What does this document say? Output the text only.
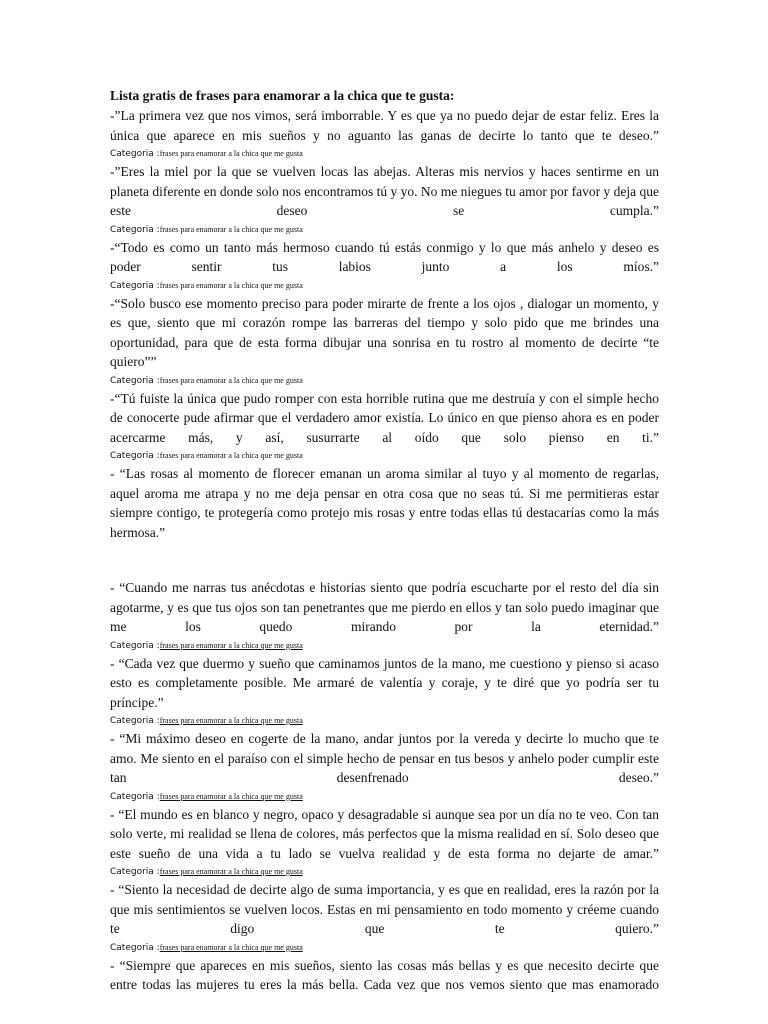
Lista gratis de frases para enamorar a la chica que te gusta:

-”La primera vez que nos vimos, será imborrable. Y es que ya no puedo dejar de estar feliz. Eres la única que aparece en mis sueños y no aguanto las ganas de decirte lo tanto que te deseo.”

Categoria :frases para enamorar a la chica que me gusta

-”Eres la miel por la que se vuelven locas las abejas. Alteras mis nervios y haces sentirme en un planeta diferente en donde solo nos encontramos tú y yo. No me niegues tu amor por favor y deja que este deseo se cumpla.”

Categoria :frases para enamorar a la chica que me gusta

-“Todo es como un tanto más hermoso cuando tú estás conmigo y lo que más anhelo y deseo es poder sentir tus labios junto a los míos.”

Categoria :frases para enamorar a la chica que me gusta

-“Solo busco ese momento preciso para poder mirarte de frente a los ojos , dialogar un momento, y es que, siento que mi corazón rompe las barreras del tiempo y solo pido que me brindes una oportunidad, para que de esta forma dibujar una sonrisa en tu rostro al momento de decirte “te quiero””

Categoria :frases para enamorar a la chica que me gusta

-“Tú fuiste la única que pudo romper con esta horrible rutina que me destruía y con el simple hecho de conocerte pude afirmar que el verdadero amor existía. Lo único en que pienso ahora es en poder acercarme más, y así, susurrarte al oído que solo pienso en ti.”

Categoria :frases para enamorar a la chica que me gusta

- “Las rosas al momento de florecer emanan un aroma similar al tuyo y al momento de regarlas, aquel aroma me atrapa y no me deja pensar en otra cosa que no seas tú. Si me permitieras estar siempre contigo, te protegería como protejo mis rosas y entre todas ellas tú destacarías como la más hermosa.”

- “Cuando me narras tus anécdotas e historias siento que podría escucharte por el resto del día sin agotarme, y es que tus ojos son tan penetrantes que me pierdo en ellos y tan solo puedo imaginar que me los quedo mirando por la eternidad.”

Categoria :frases para enamorar a la chica que me gusta

- “Cada vez que duermo y sueño que caminamos juntos de la mano, me cuestiono y pienso si acaso esto es completamente posible. Me armaré de valentía y coraje, y te diré que yo podría ser tu príncipe.”

Categoria :frases para enamorar a la chica que me gusta

- “Mi máximo deseo en cogerte de la mano, andar juntos por la vereda y decirte lo mucho que te amo. Me siento en el paraíso con el simple hecho de pensar en tus besos y anhelo poder cumplir este tan desenfrenado deseo.”

Categoria :frases para enamorar a la chica que me gusta

- “El mundo es en blanco y negro, opaco y desagradable si aunque sea por un día no te veo. Con tan solo verte, mi realidad se llena de colores, más perfectos que la misma realidad en sí. Solo deseo que este sueño de una vida a tu lado se vuelva realidad y de esta forma no dejarte de amar.”

Categoria :frases para enamorar a la chica que me gusta

- “Siento la necesidad de decirte algo de suma importancia, y es que en realidad, eres la razón por la que mis sentimientos se vuelven locos. Estas en mi pensamiento en todo momento y créeme cuando te digo que te quiero.”

Categoria :frases para enamorar a la chica que me gusta

- “Siempre que apareces en mis sueños, siento las cosas más bellas y es que necesito decirte que entre todas las mujeres tu eres la más bella. Cada vez que nos vemos siento que mas enamorado
